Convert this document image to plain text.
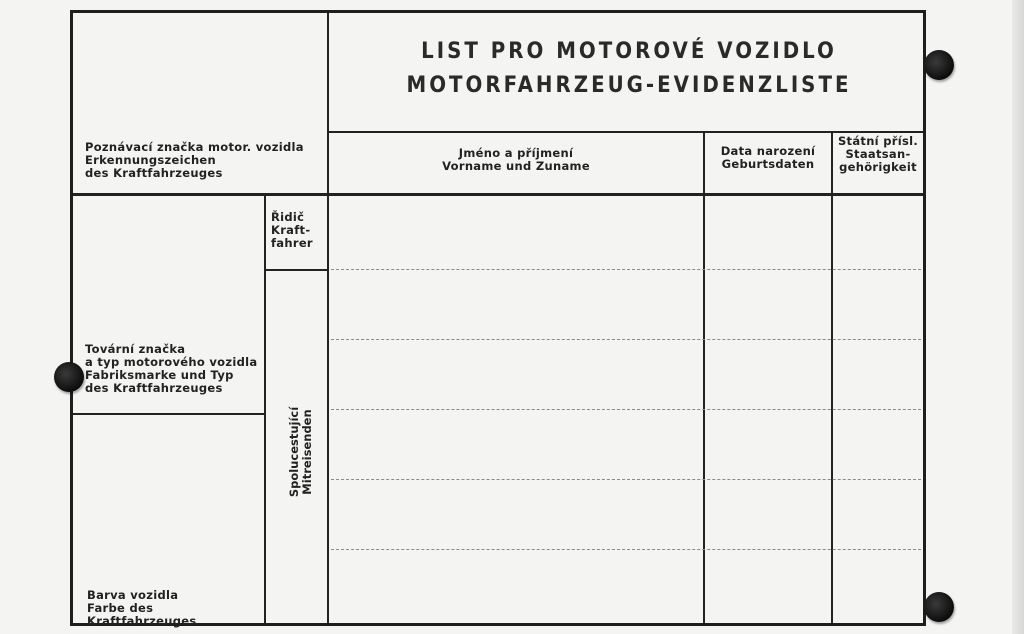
LIST PRO MOTOROVÉ VOZIDLO
MOTORFAHRZEUG-EVIDENZLISTE
Poznávací značka motor. vozidla
Erkennungszeichen
des Kraftfahrzeuges
Tovární značka
a typ motorového vozidla
Fabriksmarke und Typ
des Kraftfahrzeuges
Barva vozidla
Farbe des Kraftfahrzeuges
Řidič
Kraft-
fahrer
Spolucestující
Mitreisenden
Jméno a příjmení
Vorname und Zuname
Data narození
Geburtsdaten
Státní přísl.
Staatsan-
gehörigkeit
